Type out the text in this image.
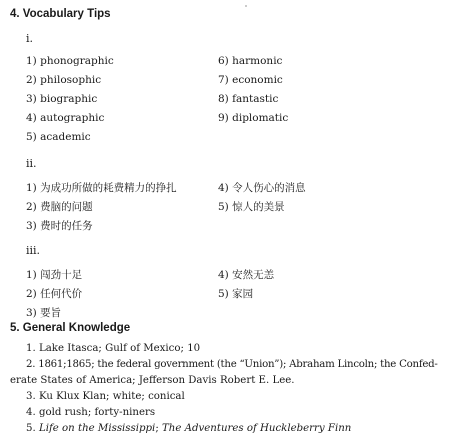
4. Vocabulary Tips
i.
1) phonographic
2) philosophic
3) biographic
4) autographic
5) academic
6) harmonic
7) economic
8) fantastic
9) diplomatic
ii.
1) 为成功所做的耗费精力的挣扎
2) 费脑的问题
3) 费时的任务
4) 令人伤心的消息
5) 惊人的美景
iii.
1) 闯劲十足
2) 任何代价
3) 要旨
4) 安然无恙
5) 家园
5. General Knowledge
1. Lake Itasca; Gulf of Mexico; 10
2. 1861;1865; the federal government (the “Union”); Abraham Lincoln; the Confed-
erate States of America; Jefferson Davis Robert E. Lee.
3. Ku Klux Klan; white; conical
4. gold rush; forty-niners
5. Life on the Mississippi; The Adventures of Huckleberry Finn
